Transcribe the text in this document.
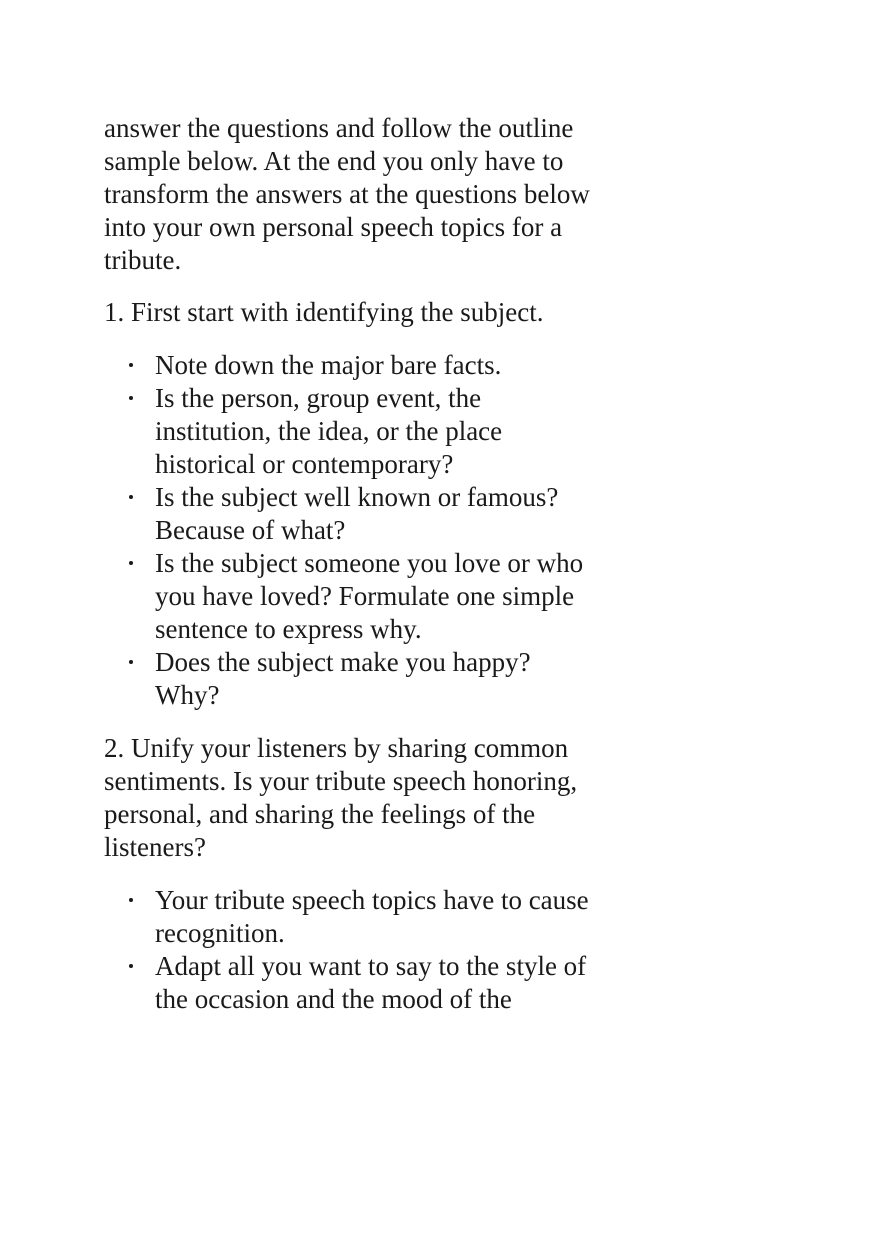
answer the questions and follow the outline sample below. At the end you only have to transform the answers at the questions below into your own personal speech topics for a tribute.

1. First start with identifying the subject.

Note down the major bare facts.
Is the person, group event, the institution, the idea, or the place historical or contemporary?
Is the subject well known or famous? Because of what?
Is the subject someone you love or who you have loved? Formulate one simple sentence to express why.
Does the subject make you happy? Why?

2. Unify your listeners by sharing common sentiments. Is your tribute speech honoring, personal, and sharing the feelings of the listeners?

Your tribute speech topics have to cause recognition.
Adapt all you want to say to the style of the occasion and the mood of the
